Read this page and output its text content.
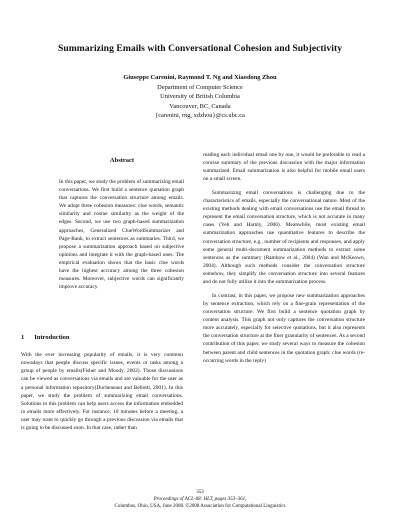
Summarizing Emails with Conversational Cohesion and Subjectivity
Giuseppe Carenini, Raymond T. Ng and Xiaodong Zhou
Department of Computer Science
University of British Columbia
Vancouver, BC, Canada
{carenini, rng, xdzhou}@cs.ubc.ca
Abstract
In this paper, we study the problem of summarizing email conversations. We first build a sentence quotation graph that captures the conversation structure among emails. We adopt three cohesion measures: clue words, semantic similarity and cosine similarity as the weight of the edges. Second, we use two graph-based summarization approaches, Generalized ClueWordSummarizer and Page-Rank, to extract sentences as summaries. Third, we propose a summarization approach based on subjective opinions and integrate it with the graph-based ones. The empirical evaluation shows that the basic clue words have the highest accuracy among the three cohesion measures. Moreover, subjective words can significantly improve accuracy.
1 Introduction
With the ever increasing popularity of emails, it is very common nowadays that people discuss specific issues, events or tasks among a group of people by emails(Fisher and Moody, 2002). Those discussions can be viewed as conversations via emails and are valuable for the user as a personal information repository(Ducheneaut and Bellotti, 2001). In this paper, we study the problem of summarizing email conversations. Solutions to this problem can help users access the information embedded in emails more effectively. For instance, 10 minutes before a meeting, a user may want to quickly go through a previous discussion via emails that is going to be discussed soon. In that case, rather than

reading each individual email one by one, it would be preferable to read a concise summary of the previous discussion with the major information summarized. Email summarization is also helpful for mobile email users on a small screen.

Summarizing email conversations is challenging due to the characteristics of emails, especially the conversational nature. Most of the existing methods dealing with email conversations use the email thread to represent the email conversation structure, which is not accurate in many cases (Yeh and Harnly, 2006). Meanwhile, most existing email summarization approaches use quantitative features to describe the conversation structure, e.g., number of recipients and responses, and apply some general multi-document summarization methods to extract some sentences as the summary (Rambow et al., 2004) (Wan and McKeown, 2004). Although such methods consider the conversation structure somehow, they simplify the conversation structure into several features and do not fully utilize it into the summarization process.

In contrast, in this paper, we propose new summarization approaches by sentence extraction, which rely on a fine-grain representation of the conversation structure. We first build a sentence quotation graph by content analysis. This graph not only captures the conversation structure more accurately, especially for selective quotations, but it also represents the conversation structure at the finer granularity of sentences. As a second contribution of this paper, we study several ways to measure the cohesion between parent and child sentences in the quotation graph: clue words (re-occurring words in the reply)

353
Proceedings of ACL-08: HLT, pages 353–361,
Columbus, Ohio, USA, June 2008. ©2008 Association for Computational Linguistics
